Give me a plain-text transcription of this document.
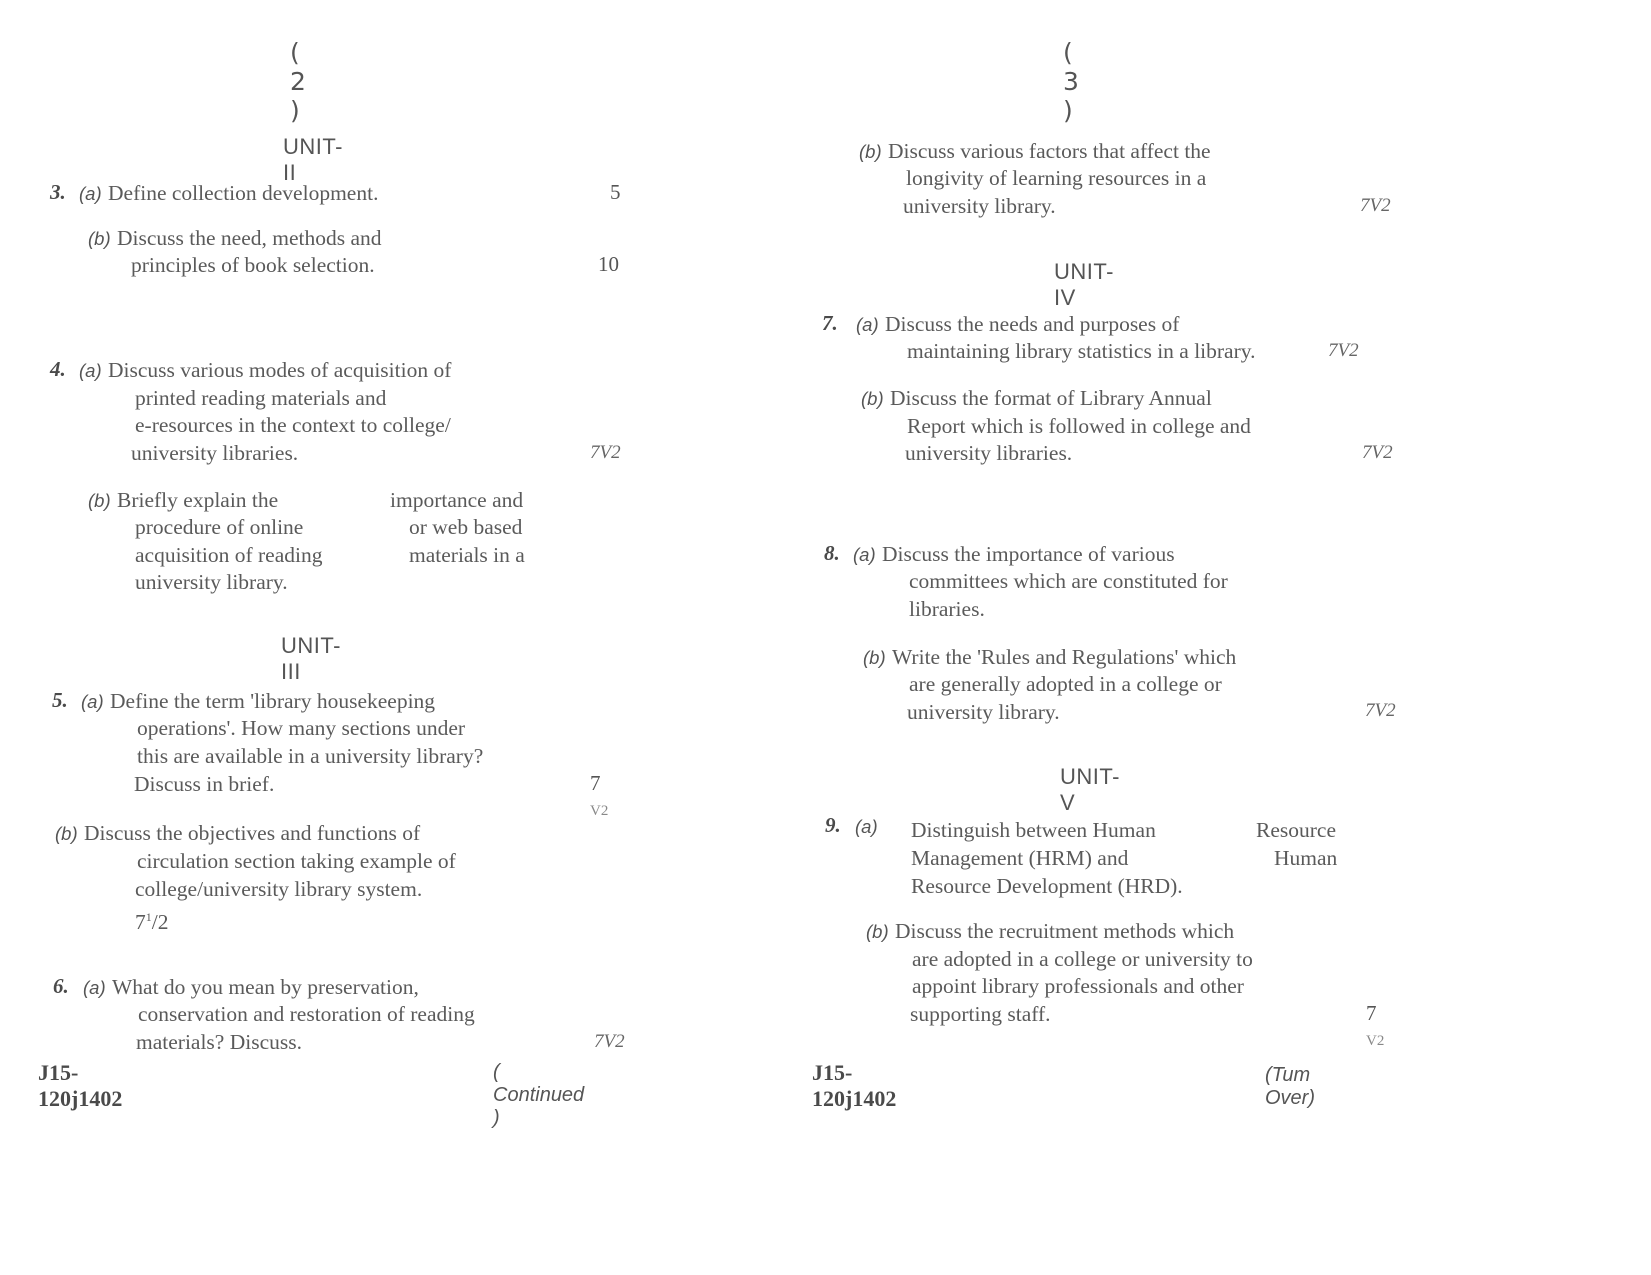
( 2 )
UNIT-II
3. (a) Define collection development.	5
(b) Discuss the need, methods and
principles of book selection.	10
4. (a) Discuss various modes of acquisition of
printed reading materials and
e-resources in the context to college/
university libraries.	7V2
(b) Briefly explain the
procedure of online
acquisition of reading
university library.
importance and
or web based
materials in a
UNIT-III
5. (a) Define the term 'library housekeeping
operations'. How many sections under
this are available in a university library?
Discuss in brief.	7 V2
(b) Discuss the objectives and functions of
circulation section taking example of
college/university library system.
$7^1/2$
6. (a) What do you mean by preservation,
conservation and restoration of reading
materials? Discuss.	7V2
J15-120j1402
( Continued )
( 3 )
(b) Discuss various factors that affect the
longivity of learning resources in a
university library.	7V2
UNIT-IV
7. (a) Discuss the needs and purposes of
maintaining library statistics in a library.	7V2
(b) Discuss the format of Library Annual
Report which is followed in college and
university libraries.	7V2
8. (a) Discuss the importance of various
committees which are constituted for
libraries.
(b) Write the 'Rules and Regulations' which
are generally adopted in a college or
university library.	7V2
UNIT-V
9. (a) Distinguish between Human
Management (HRM) and
Resource Development (HRD).
Resource
Human
(b) Discuss the recruitment methods which
are adopted in a college or university to
appoint library professionals and other
supporting staff.	7 V2
J15-120j1402
(Tum Over)
